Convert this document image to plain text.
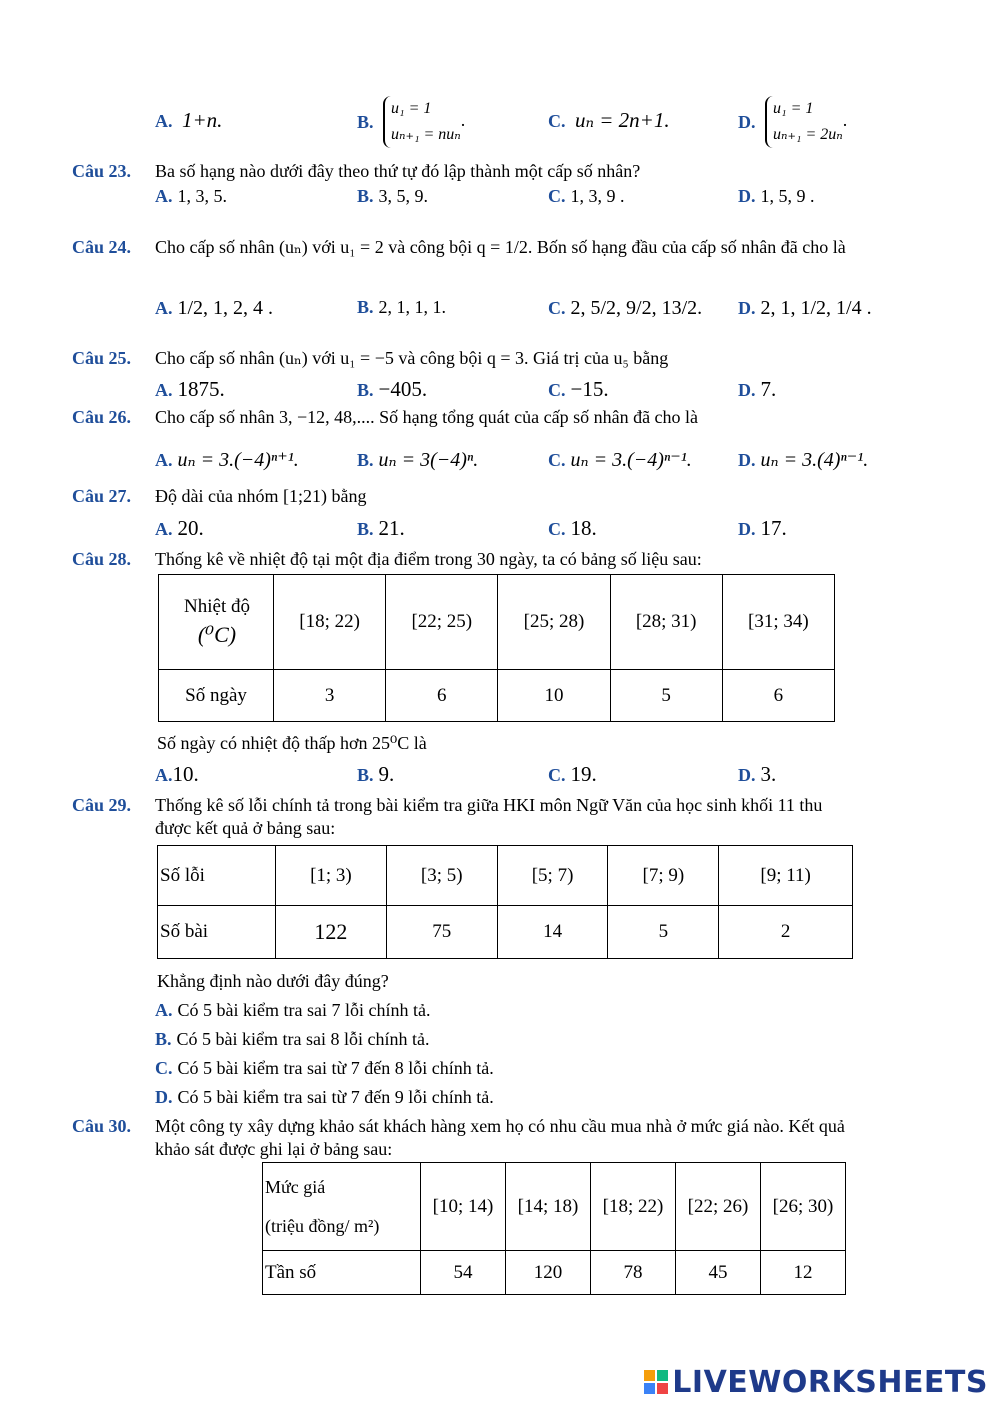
A. 1+n.	B.
u₁ = 1
uₙ₊₁ = nuₙ
.	C. uₙ = 2n+1.	D.
u₁ = 1
uₙ₊₁ = 2uₙ
.
Câu 23. Ba số hạng nào dưới đây theo thứ tự đó lập thành một cấp số nhân?
A. 1, 3, 5.	B. 3, 5, 9.	C. 1, 3, 9 .	D. 1, 5, 9 .
Câu 24. Cho cấp số nhân (uₙ) với u₁ = 2 và công bội q = 1/2. Bốn số hạng đầu của cấp số nhân đã cho là
A. 1/2, 1, 2, 4 .	B. 2, 1, 1, 1.	C. 2, 5/2, 9/2, 13/2. D. 2, 1, 1/2, 1/4 .
Câu 25. Cho cấp số nhân (uₙ) với u₁ = −5 và công bội q = 3. Giá trị của u₅ bằng
A. 1875.	B. −405.	C. −15.	D. 7.
Câu 26. Cho cấp số nhân 3, −12, 48,.... Số hạng tổng quát của cấp số nhân đã cho là
A. uₙ = 3.(−4)ⁿ⁺¹.	B. uₙ = 3(−4)ⁿ.	C. uₙ = 3.(−4)ⁿ⁻¹.	D. uₙ = 3.(4)ⁿ⁻¹.
Câu 27. Độ dài của nhóm [1;21) bằng
A. 20.	B. 21.	C. 18.	D. 17.
Câu 28. Thống kê về nhiệt độ tại một địa điểm trong 30 ngày, ta có bảng số liệu sau:
Nhiệt độ
(⁰C)	[18; 22)	[22; 25)	[25; 28)	[28; 31)	[31; 34)
Số ngày	3	6	10	5	6
Số ngày có nhiệt độ thấp hơn 25⁰C là
A.10.	B. 9.	C. 19.	D. 3.
Câu 29. Thống kê số lỗi chính tả trong bài kiểm tra giữa HKI môn Ngữ Văn của học sinh khối 11 thu
được kết quả ở bảng sau:
Số lỗi	[1; 3)	[3; 5)	[5; 7)	[7; 9)	[9; 11)
Số bài	122	75	14	5	2
Khẳng định nào dưới đây đúng?
A. Có 5 bài kiểm tra sai 7 lỗi chính tả.
B. Có 5 bài kiểm tra sai 8 lỗi chính tả.
C. Có 5 bài kiểm tra sai từ 7 đến 8 lỗi chính tả.
D. Có 5 bài kiểm tra sai từ 7 đến 9 lỗi chính tả.
Câu 30. Một công ty xây dựng khảo sát khách hàng xem họ có nhu cầu mua nhà ở mức giá nào. Kết quả
khảo sát được ghi lại ở bảng sau:
Mức giá
(triệu đồng/ m²)	[10; 14)	[14; 18)	[18; 22)	[22; 26)	[26; 30)
Tần số	54	120	78	45	12
LIVEWORKSHEETS
